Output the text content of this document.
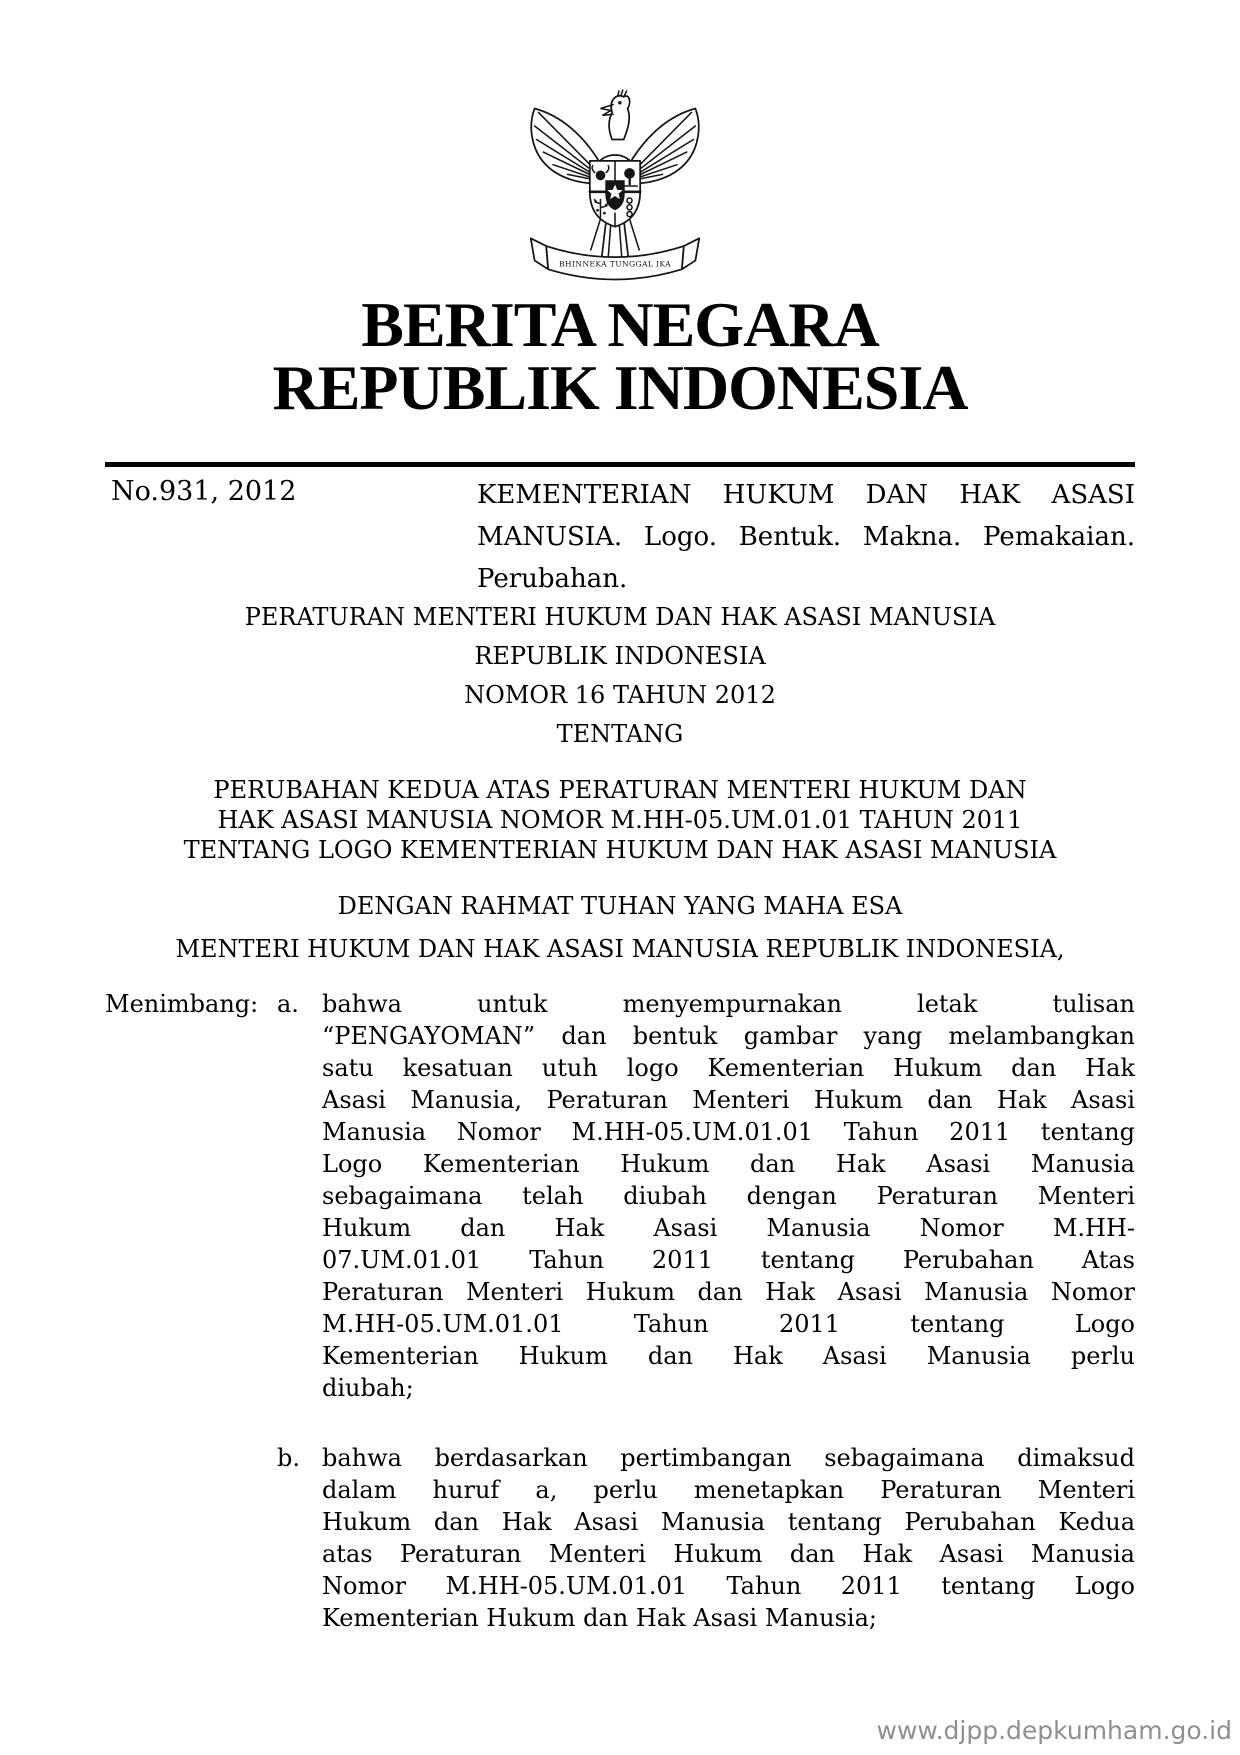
BHINNEKA TUNGGAL IKA
BERITA NEGARA
REPUBLIK INDONESIA
No.931, 2012	KEMENTERIAN HUKUM DAN HAK ASASI
MANUSIA. Logo. Bentuk. Makna. Pemakaian.
Perubahan.
PERATURAN MENTERI HUKUM DAN HAK ASASI MANUSIA
REPUBLIK INDONESIA
NOMOR 16 TAHUN 2012
TENTANG
PERUBAHAN KEDUA ATAS PERATURAN MENTERI HUKUM DAN
HAK ASASI MANUSIA NOMOR M.HH-05.UM.01.01 TAHUN 2011
TENTANG LOGO KEMENTERIAN HUKUM DAN HAK ASASI MANUSIA
DENGAN RAHMAT TUHAN YANG MAHA ESA
MENTERI HUKUM DAN HAK ASASI MANUSIA REPUBLIK INDONESIA,
Menimbang: a. bahwa untuk menyempurnakan letak tulisan
“PENGAYOMAN” dan bentuk gambar yang melambangkan
satu kesatuan utuh logo Kementerian Hukum dan Hak
Asasi Manusia, Peraturan Menteri Hukum dan Hak Asasi
Manusia Nomor M.HH-05.UM.01.01 Tahun 2011 tentang
Logo Kementerian Hukum dan Hak Asasi Manusia
sebagaimana telah diubah dengan Peraturan Menteri
Hukum dan Hak Asasi Manusia Nomor M.HH-
07.UM.01.01 Tahun 2011 tentang Perubahan Atas
Peraturan Menteri Hukum dan Hak Asasi Manusia Nomor
M.HH-05.UM.01.01 Tahun 2011 tentang Logo
Kementerian Hukum dan Hak Asasi Manusia perlu
diubah;
b. bahwa berdasarkan pertimbangan sebagaimana dimaksud
dalam huruf a, perlu menetapkan Peraturan Menteri
Hukum dan Hak Asasi Manusia tentang Perubahan Kedua
atas Peraturan Menteri Hukum dan Hak Asasi Manusia
Nomor M.HH-05.UM.01.01 Tahun 2011 tentang Logo
Kementerian Hukum dan Hak Asasi Manusia;
www.djpp.depkumham.go.id
